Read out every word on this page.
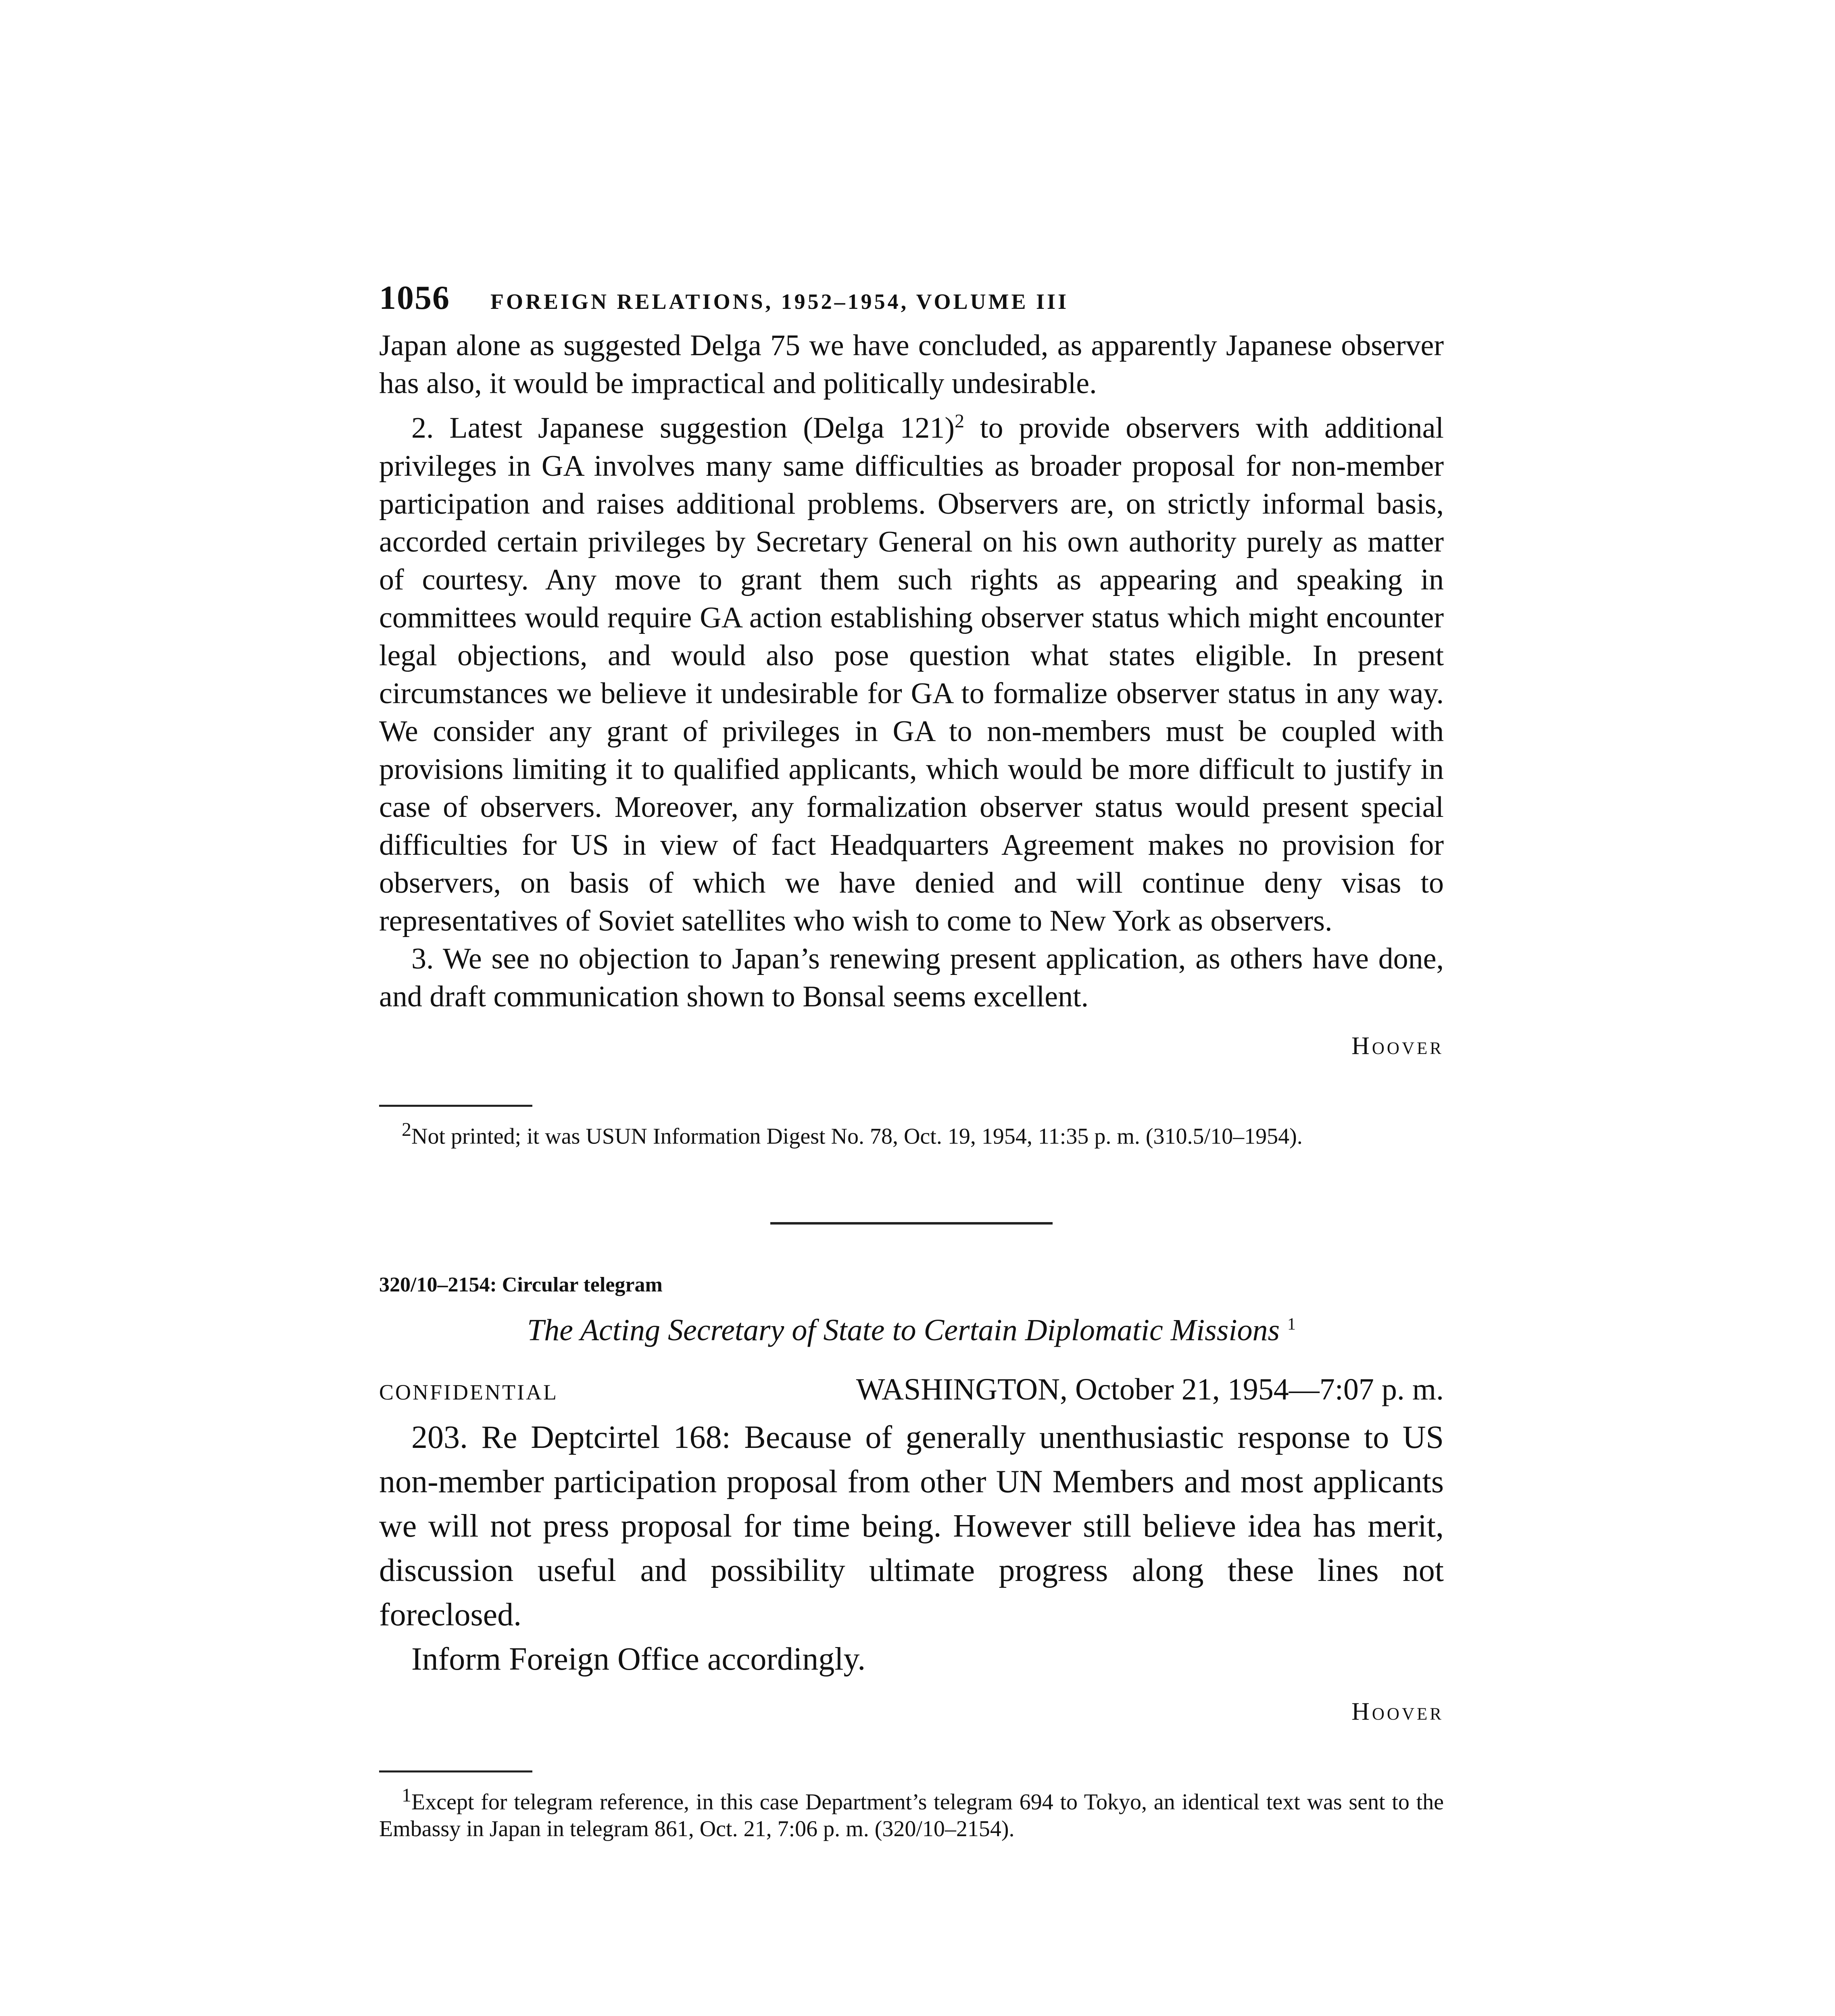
1056 FOREIGN RELATIONS, 1952–1954, VOLUME III

Japan alone as suggested Delga 75 we have concluded, as apparently Japanese observer has also, it would be impractical and politically undesirable.

2. Latest Japanese suggestion (Delga 121)$^2$ to provide observers with additional privileges in GA involves many same difficulties as broader proposal for non-member participation and raises additional problems. Observers are, on strictly informal basis, accorded certain privileges by Secretary General on his own authority purely as matter of courtesy. Any move to grant them such rights as appearing and speaking in committees would require GA action establishing observer status which might encounter legal objections, and would also pose question what states eligible. In present circumstances we believe it undesirable for GA to formalize observer status in any way. We consider any grant of privileges in GA to non-members must be coupled with provisions limiting it to qualified applicants, which would be more difficult to justify in case of observers. Moreover, any formalization observer status would present special difficulties for US in view of fact Headquarters Agreement makes no provision for observers, on basis of which we have denied and will continue deny visas to representatives of Soviet satellites who wish to come to New York as observers.

3. We see no objection to Japan’s renewing present application, as others have done, and draft communication shown to Bonsal seems excellent.

Hoover
2Not printed; it was USUN Information Digest No. 78, Oct. 19, 1954, 11:35 p. m. (310.5/10–1954).
320/10–2154: Circular telegram
The Acting Secretary of State to Certain Diplomatic Missions $^1$
CONFIDENTIAL	WASHINGTON, October 21, 1954—7:07 p. m.

203. Re Deptcirtel 168: Because of generally unenthusiastic response to US non-member participation proposal from other UN Members and most applicants we will not press proposal for time being. However still believe idea has merit, discussion useful and possibility ultimate progress along these lines not foreclosed.

Inform Foreign Office accordingly.

Hoover
1Except for telegram reference, in this case Department’s telegram 694 to Tokyo, an identical text was sent to the Embassy in Japan in telegram 861, Oct. 21, 7:06 p. m. (320/10–2154).
